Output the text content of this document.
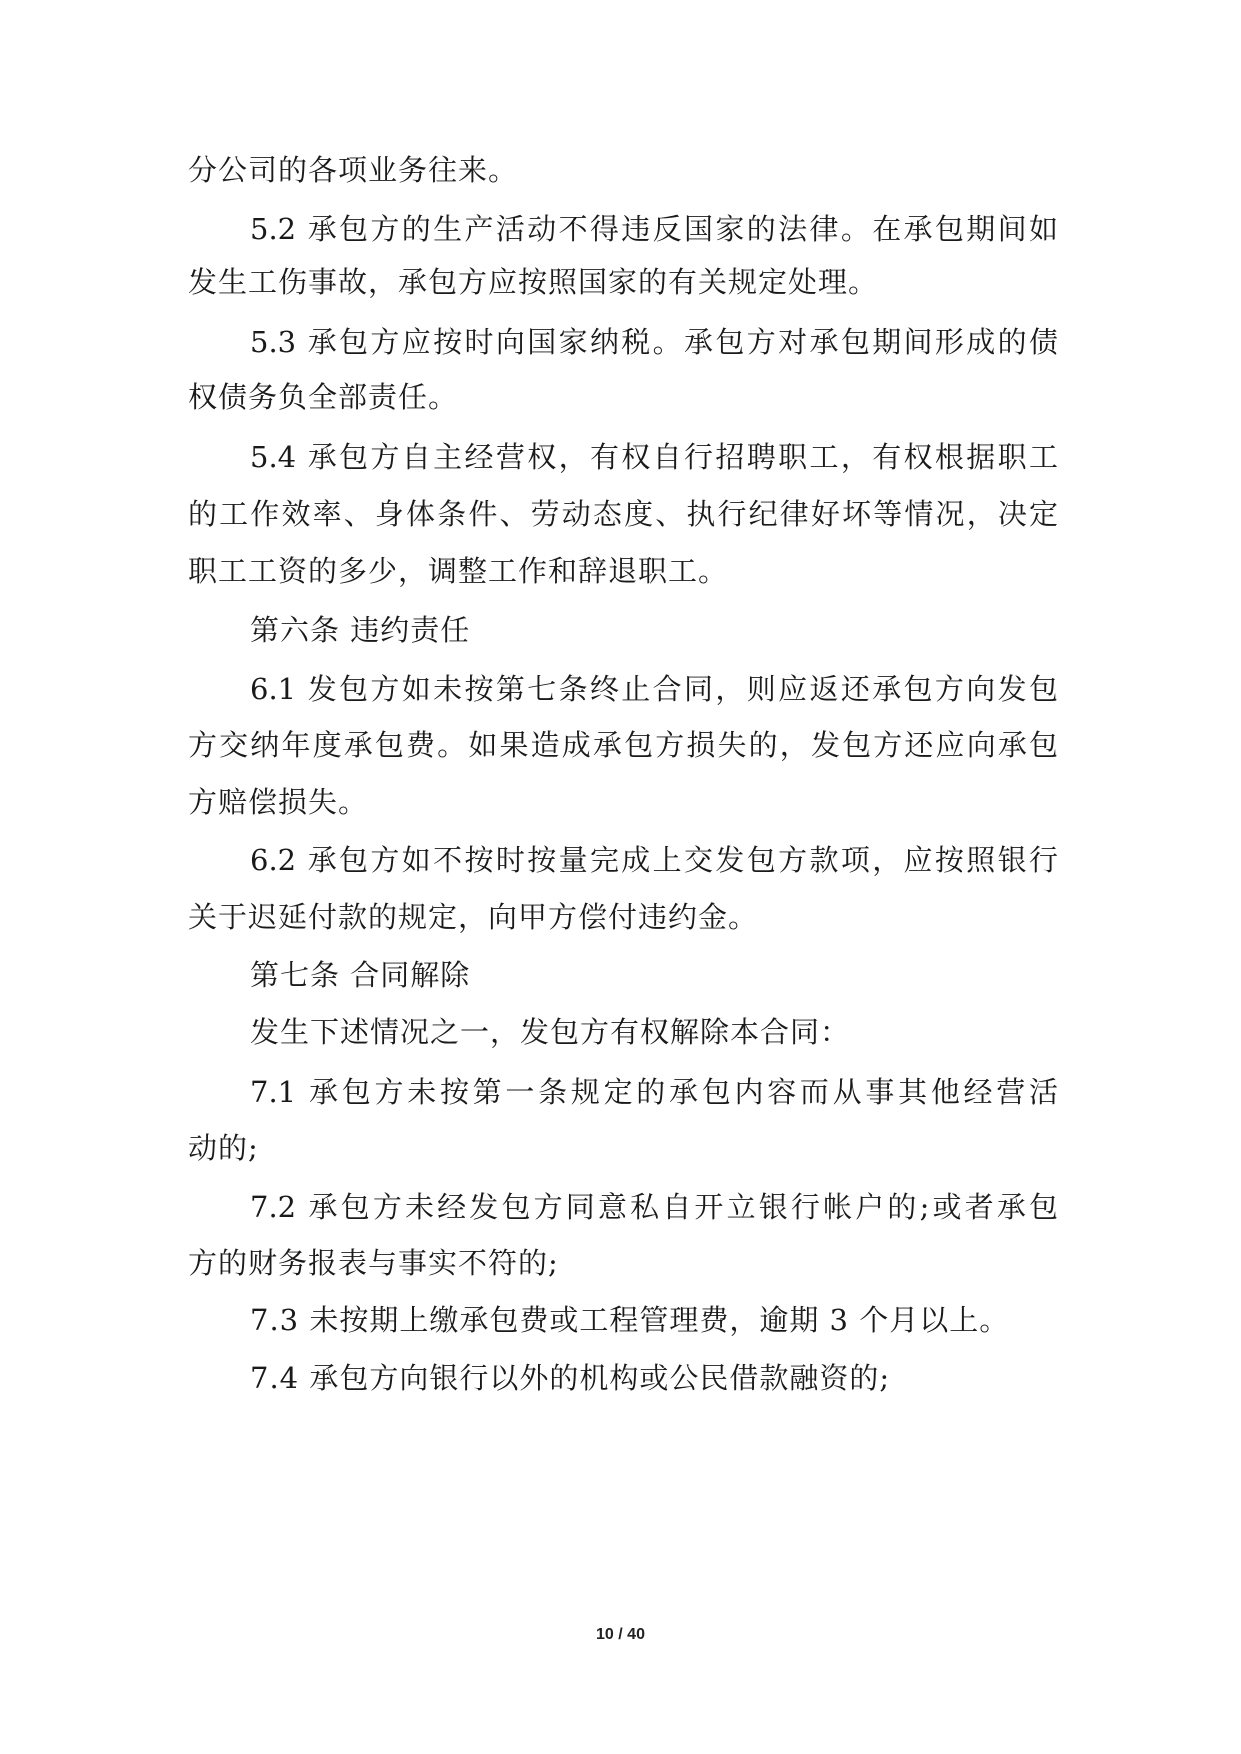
分公司的各项业务往来。
5.2 承包方的生产活动不得违反国家的法律。在承包期间如
发生工伤事故，承包方应按照国家的有关规定处理。
5.3 承包方应按时向国家纳税。承包方对承包期间形成的债
权债务负全部责任。
5.4 承包方自主经营权，有权自行招聘职工，有权根据职工
的工作效率、身体条件、劳动态度、执行纪律好坏等情况，决定
职工工资的多少，调整工作和辞退职工。
第六条 违约责任
6.1 发包方如未按第七条终止合同，则应返还承包方向发包
方交纳年度承包费。如果造成承包方损失的，发包方还应向承包
方赔偿损失。
6.2 承包方如不按时按量完成上交发包方款项，应按照银行
关于迟延付款的规定，向甲方偿付违约金。
第七条 合同解除
发生下述情况之一，发包方有权解除本合同：
7.1 承包方未按第一条规定的承包内容而从事其他经营活
动的;
7.2 承包方未经发包方同意私自开立银行帐户的;或者承包
方的财务报表与事实不符的;
7.3 未按期上缴承包费或工程管理费，逾期 3 个月以上。
7.4 承包方向银行以外的机构或公民借款融资的;
10 / 40
